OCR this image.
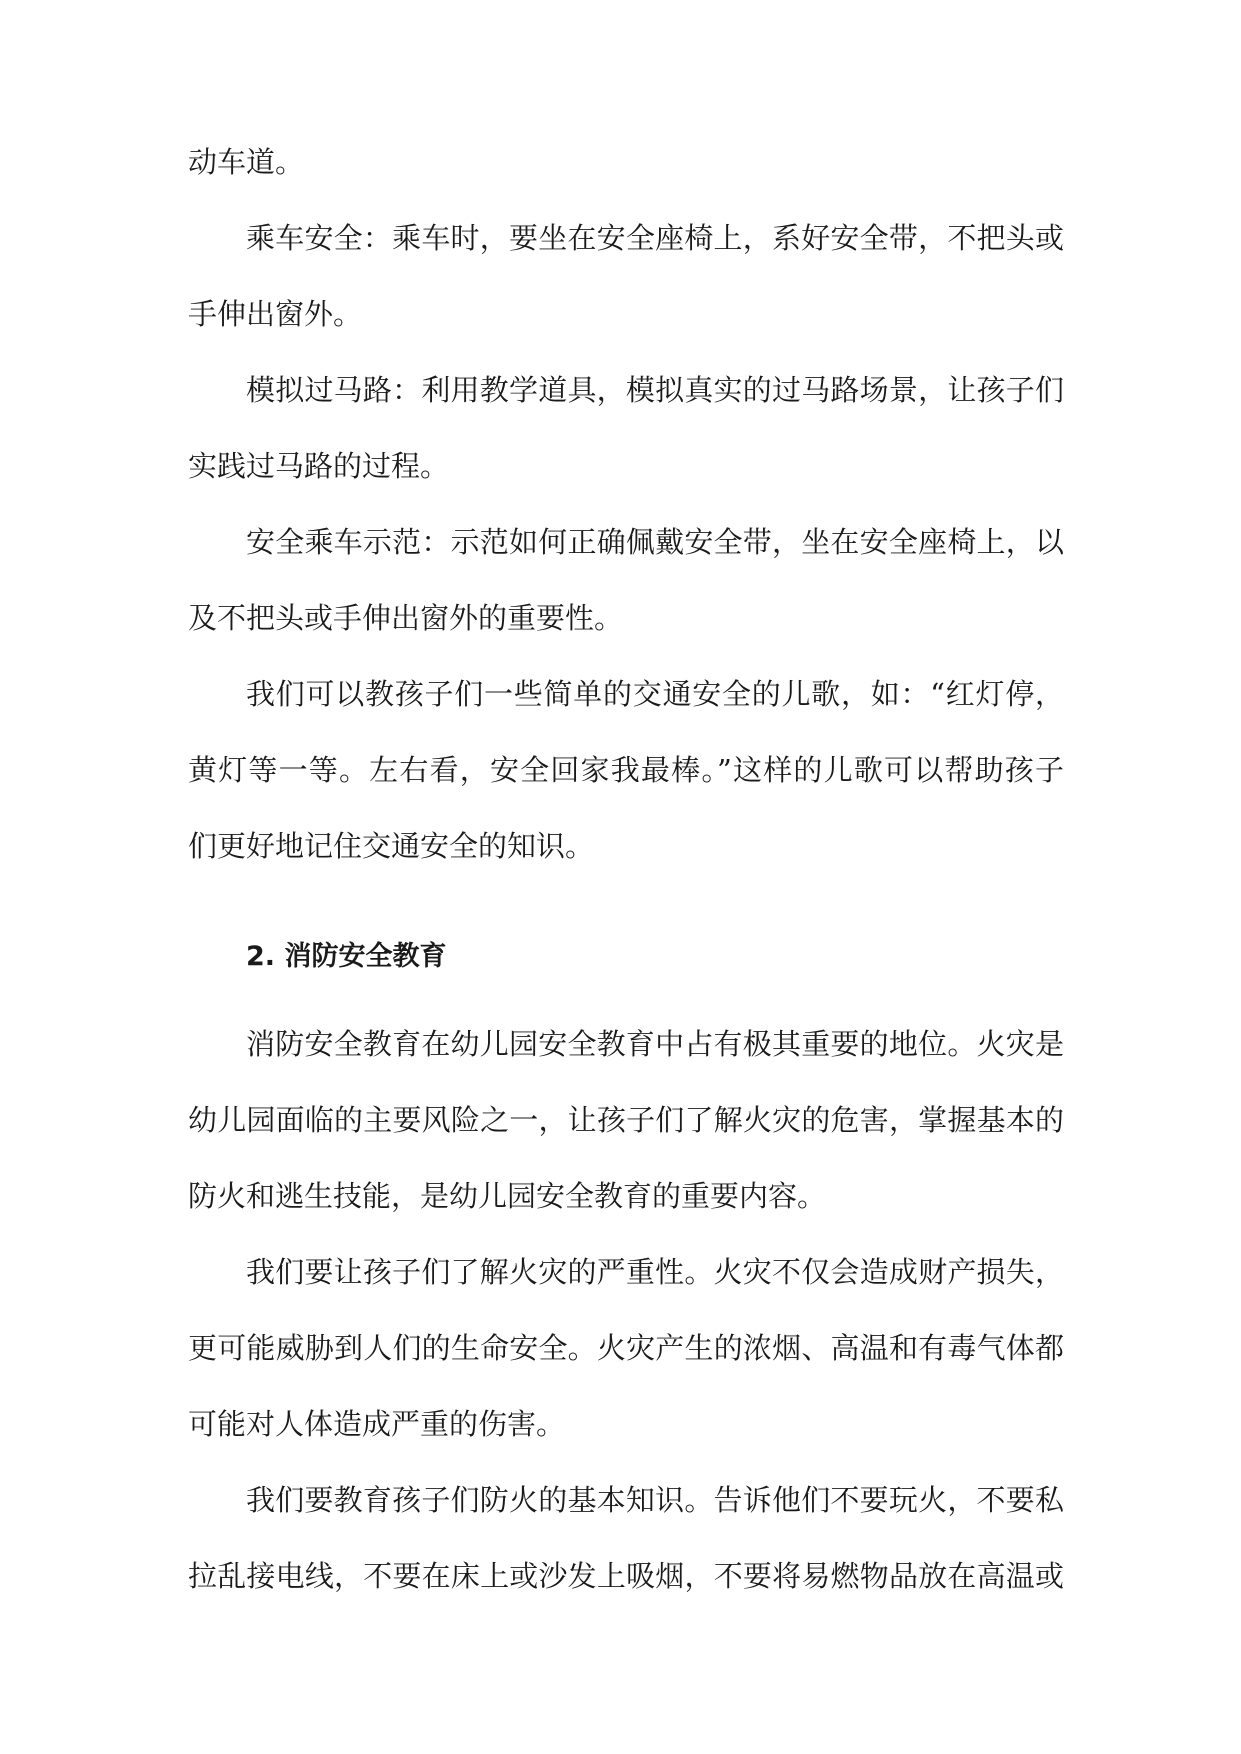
动车道。

乘车安全：乘车时，要坐在安全座椅上，系好安全带，不把头或

手伸出窗外。

模拟过马路：利用教学道具，模拟真实的过马路场景，让孩子们

实践过马路的过程。

安全乘车示范：示范如何正确佩戴安全带，坐在安全座椅上，以

及不把头或手伸出窗外的重要性。

我们可以教孩子们一些简单的交通安全的儿歌，如：“红灯停，

黄灯等一等。左右看，安全回家我最棒。”这样的儿歌可以帮助孩子

们更好地记住交通安全的知识。

2. 消防安全教育

消防安全教育在幼儿园安全教育中占有极其重要的地位。火灾是

幼儿园面临的主要风险之一，让孩子们了解火灾的危害，掌握基本的

防火和逃生技能，是幼儿园安全教育的重要内容。

我们要让孩子们了解火灾的严重性。火灾不仅会造成财产损失，

更可能威胁到人们的生命安全。火灾产生的浓烟、高温和有毒气体都

可能对人体造成严重的伤害。

我们要教育孩子们防火的基本知识。告诉他们不要玩火，不要私

拉乱接电线，不要在床上或沙发上吸烟，不要将易燃物品放在高温或
